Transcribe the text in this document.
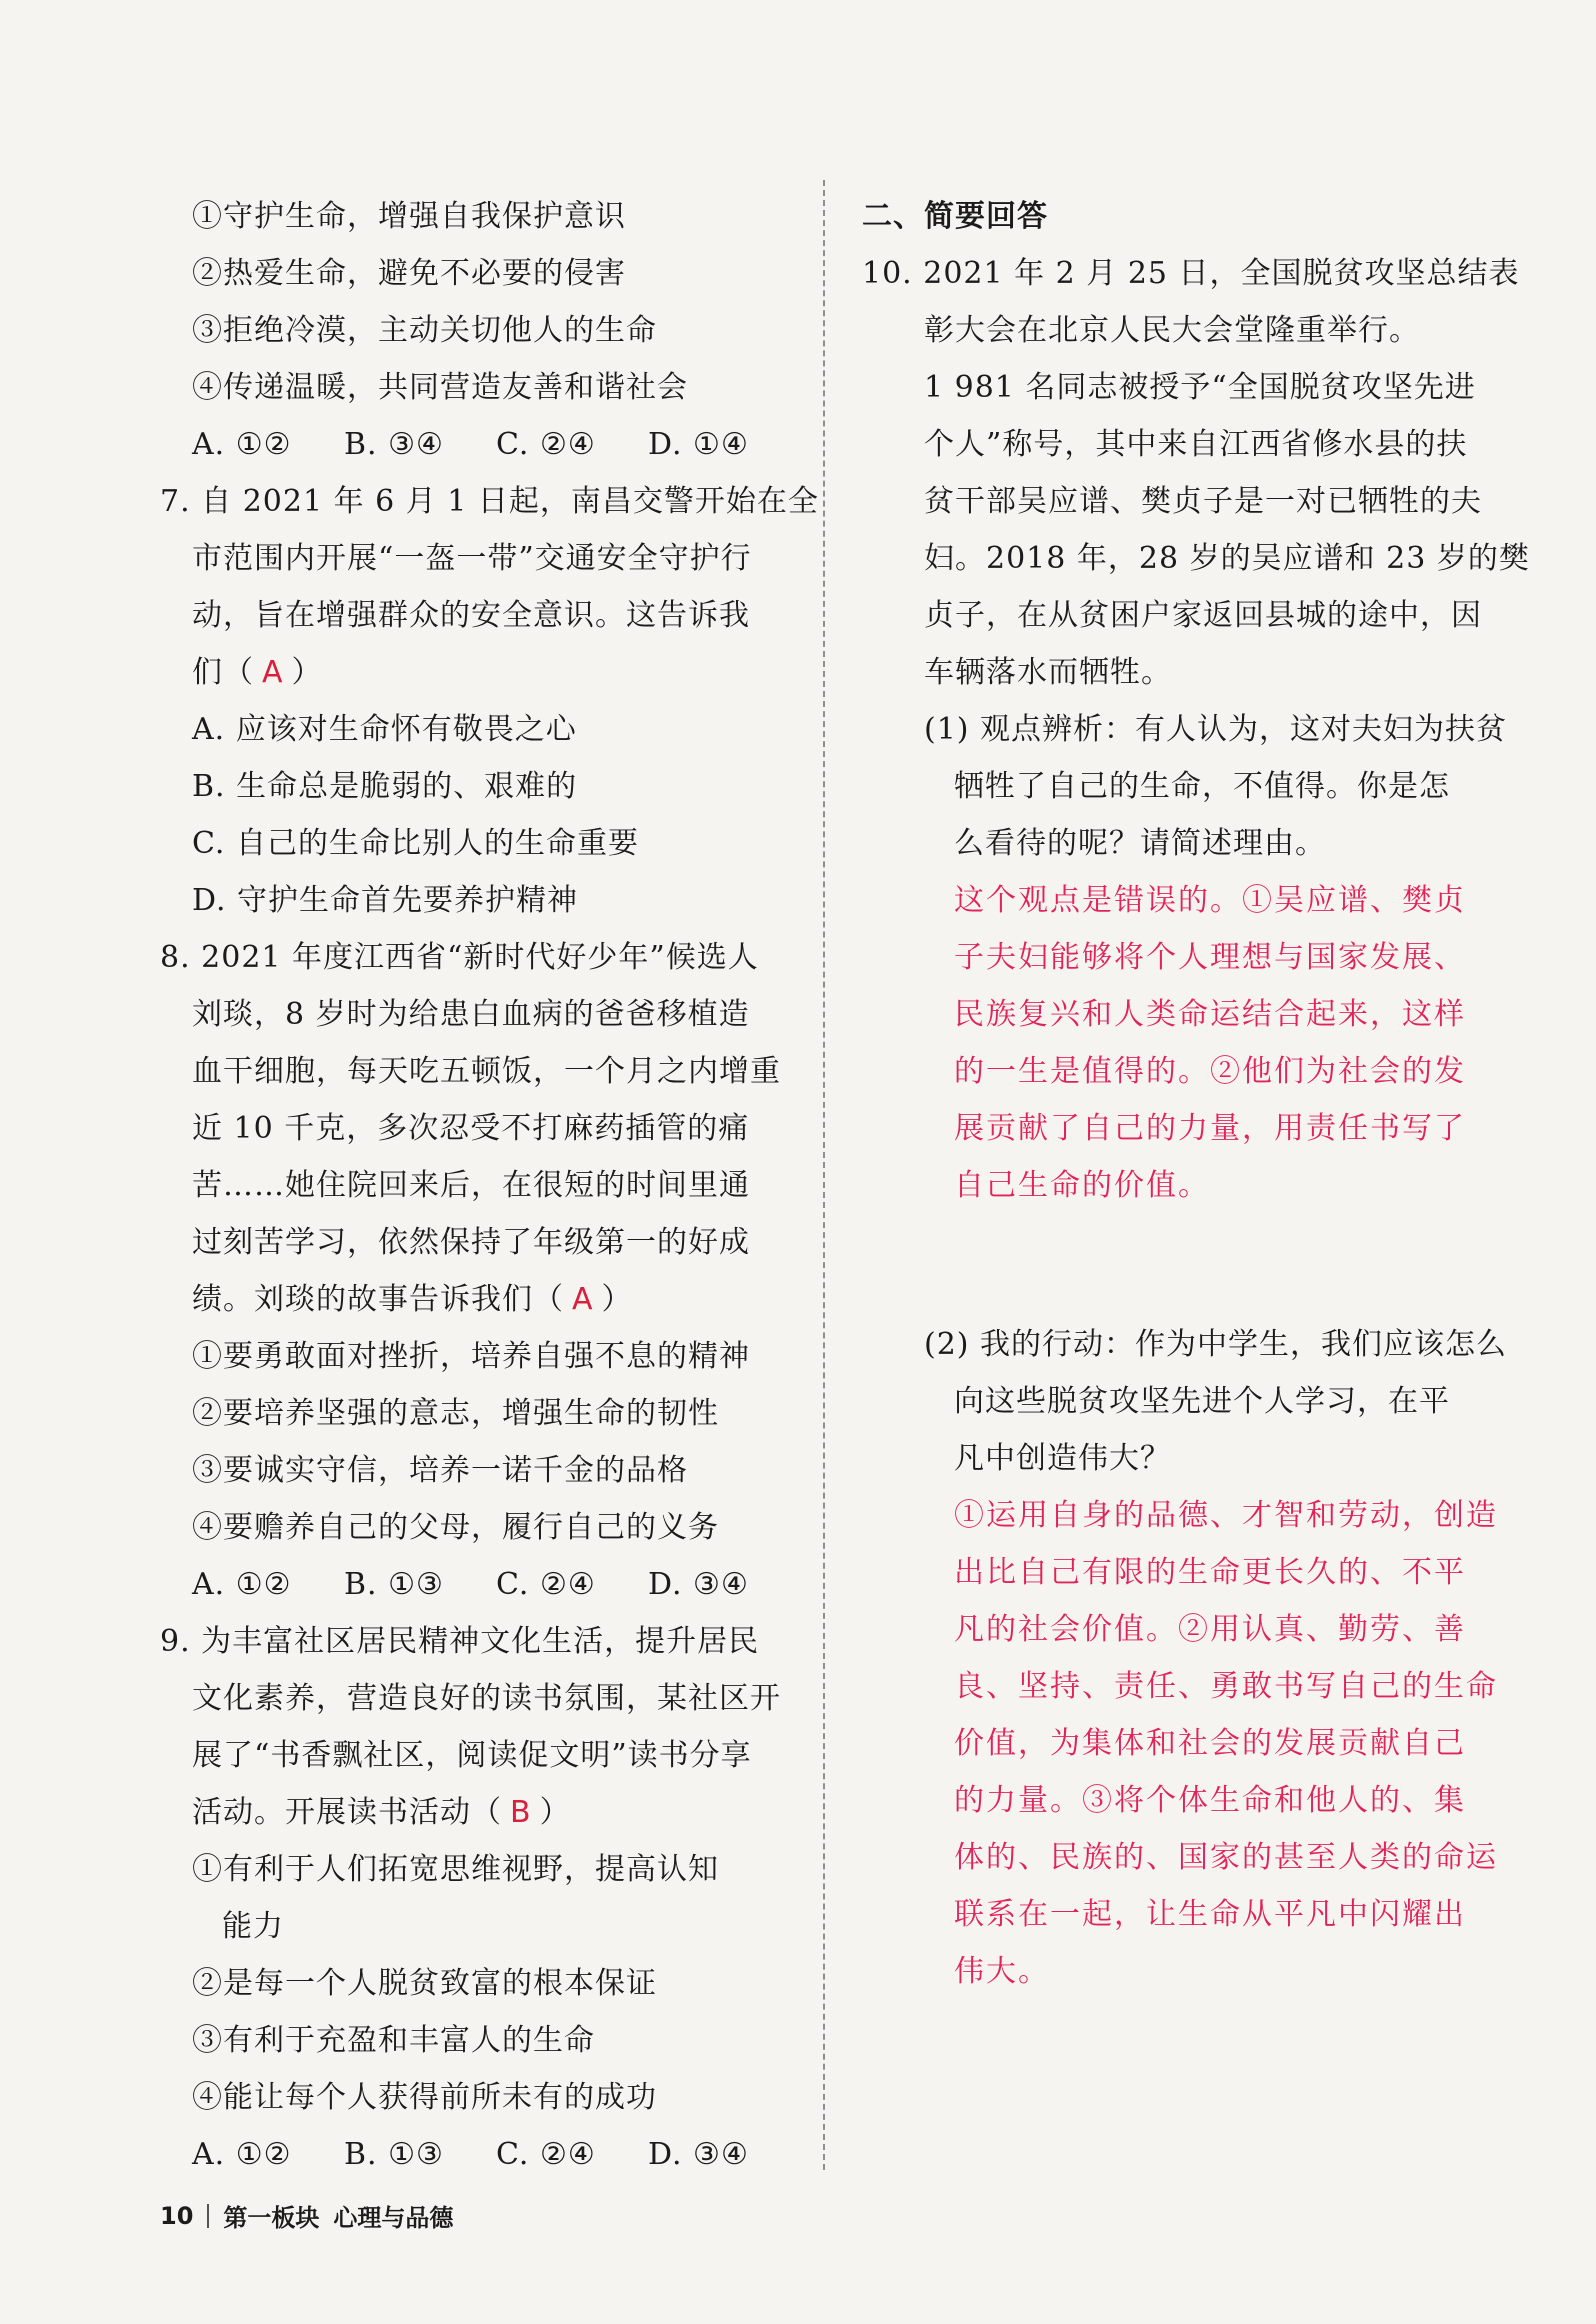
①守护生命，增强自我保护意识
②热爱生命，避免不必要的侵害
③拒绝冷漠，主动关切他人的生命
④传递温暖，共同营造友善和谐社会
A. ①②	B. ③④	C. ②④	D. ①④
7. 自 2021 年 6 月 1 日起，南昌交警开始在全
市范围内开展“一盔一带”交通安全守护行
动，旨在增强群众的安全意识。这告诉我
们（ A ）
A. 应该对生命怀有敬畏之心
B. 生命总是脆弱的、艰难的
C. 自己的生命比别人的生命重要
D. 守护生命首先要养护精神
8. 2021 年度江西省“新时代好少年”候选人
刘琰，8 岁时为给患白血病的爸爸移植造
血干细胞，每天吃五顿饭，一个月之内增重
近 10 千克，多次忍受不打麻药插管的痛
苦……她住院回来后，在很短的时间里通
过刻苦学习，依然保持了年级第一的好成
绩。刘琰的故事告诉我们（ A ）
①要勇敢面对挫折，培养自强不息的精神
②要培养坚强的意志，增强生命的韧性
③要诚实守信，培养一诺千金的品格
④要赡养自己的父母，履行自己的义务
A. ①②	B. ①③	C. ②④	D. ③④
9. 为丰富社区居民精神文化生活，提升居民
文化素养，营造良好的读书氛围，某社区开
展了“书香飘社区，阅读促文明”读书分享
活动。开展读书活动（ B ）
①有利于人们拓宽思维视野，提高认知
能力
②是每一个人脱贫致富的根本保证
③有利于充盈和丰富人的生命
④能让每个人获得前所未有的成功
A. ①②	B. ①③	C. ②④	D. ③④
二、简要回答
10. 2021 年 2 月 25 日，全国脱贫攻坚总结表
彰大会在北京人民大会堂隆重举行。
1 981 名同志被授予“全国脱贫攻坚先进
个人”称号，其中来自江西省修水县的扶
贫干部吴应谱、樊贞子是一对已牺牲的夫
妇。2018 年，28 岁的吴应谱和 23 岁的樊
贞子，在从贫困户家返回县城的途中，因
车辆落水而牺牲。
(1) 观点辨析：有人认为，这对夫妇为扶贫
牺牲了自己的生命，不值得。你是怎
么看待的呢？请简述理由。
这个观点是错误的。①吴应谱、樊贞
子夫妇能够将个人理想与国家发展、
民族复兴和人类命运结合起来，这样
的一生是值得的。②他们为社会的发
展贡献了自己的力量，用责任书写了
自己生命的价值。
(2) 我的行动：作为中学生，我们应该怎么
向这些脱贫攻坚先进个人学习，在平
凡中创造伟大？
①运用自身的品德、才智和劳动，创造
出比自己有限的生命更长久的、不平
凡的社会价值。②用认真、勤劳、善
良、坚持、责任、勇敢书写自己的生命
价值，为集体和社会的发展贡献自己
的力量。③将个体生命和他人的、集
体的、民族的、国家的甚至人类的命运
联系在一起，让生命从平凡中闪耀出
伟大。
10 第一板块 心理与品德
